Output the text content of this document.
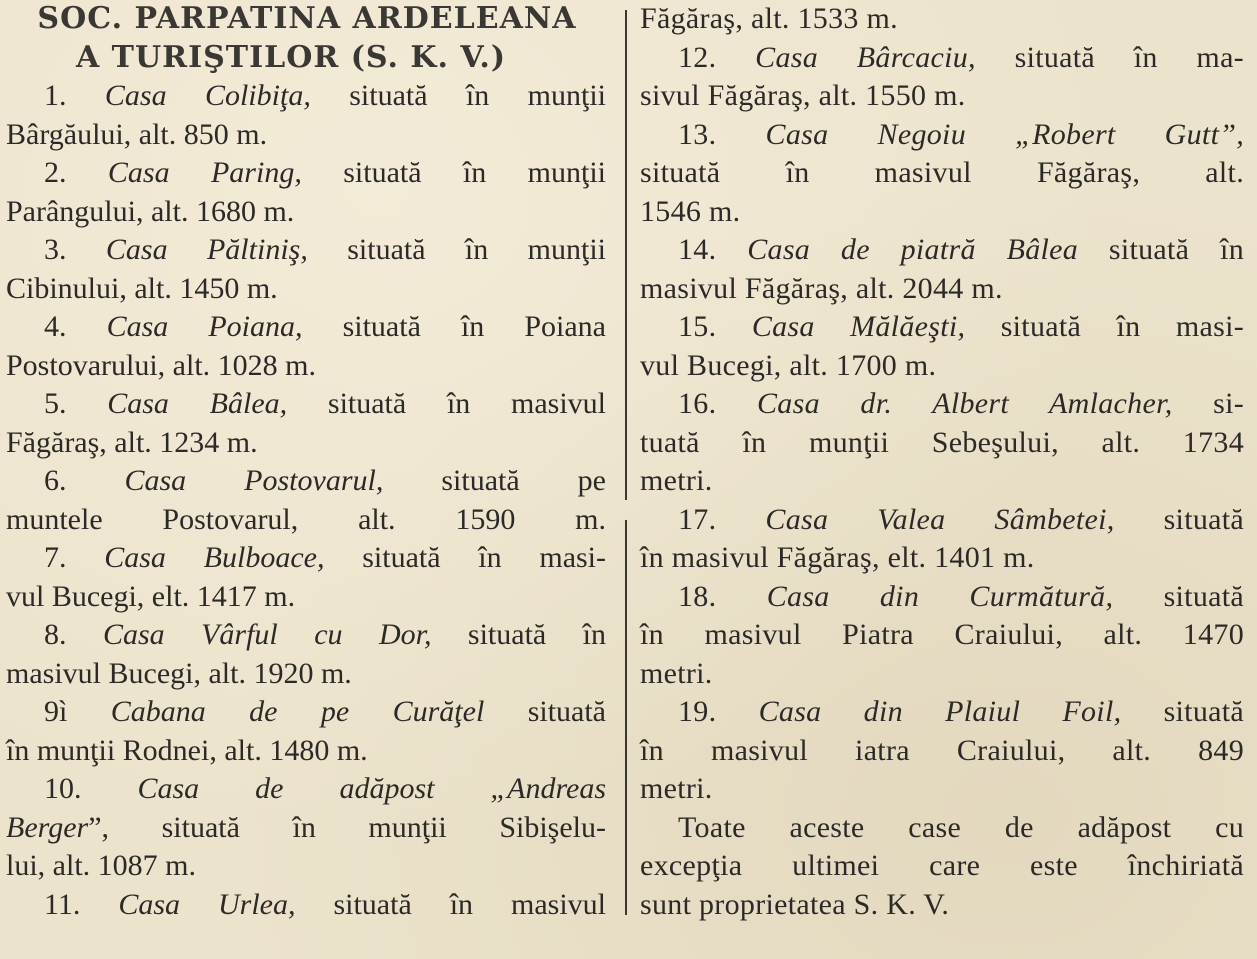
SOC. PARPATINA ARDELEANA
A TURIŞTILOR (S. K. V.)
1. Casa Colibiţa, situată în munţii
Bârgăului, alt. 850 m.
2. Casa Paring, situată în munţii
Parângului, alt. 1680 m.
3. Casa Păltiniş, situată în munţii
Cibinului, alt. 1450 m.
4. Casa Poiana, situată în Poiana
Postovarului, alt. 1028 m.
5. Casa Bâlea, situată în masivul
Făgăraş, alt. 1234 m.
6. Casa Postovarul, situată pe
muntele Postovarul, alt. 1590 m.
7. Casa Bulboace, situată în masi-
vul Bucegi, elt. 1417 m.
8. Casa Vârful cu Dor, situată în
masivul Bucegi, alt. 1920 m.
9ì Cabana de pe Curăţel situată
în munţii Rodnei, alt. 1480 m.
10. Casa de adăpost „Andreas
Berger”, situată în munţii Sibişelu-
lui, alt. 1087 m.
11. Casa Urlea, situată în masivul
Făgăraş, alt. 1533 m.
12. Casa Bârcaciu, situată în ma-
sivul Făgăraş, alt. 1550 m.
13. Casa Negoiu „Robert Gutt”,
situată în masivul Făgăraş, alt.
1546 m.
14. Casa de piatră Bâlea situată în
masivul Făgăraş, alt. 2044 m.
15. Casa Mălăeşti, situată în masi-
vul Bucegi, alt. 1700 m.
16. Casa dr. Albert Amlacher, si-
tuată în munţii Sebeşului, alt. 1734
metri.
17. Casa Valea Sâmbetei, situată
în masivul Făgăraş, elt. 1401 m.
18. Casa din Curmătură, situată
în masivul Piatra Craiului, alt. 1470
metri.
19. Casa din Plaiul Foil, situată
în masivul iatra Craiului, alt. 849
metri.
Toate aceste case de adăpost cu
excepţia ultimei care este închiriată
sunt proprietatea S. K. V.
